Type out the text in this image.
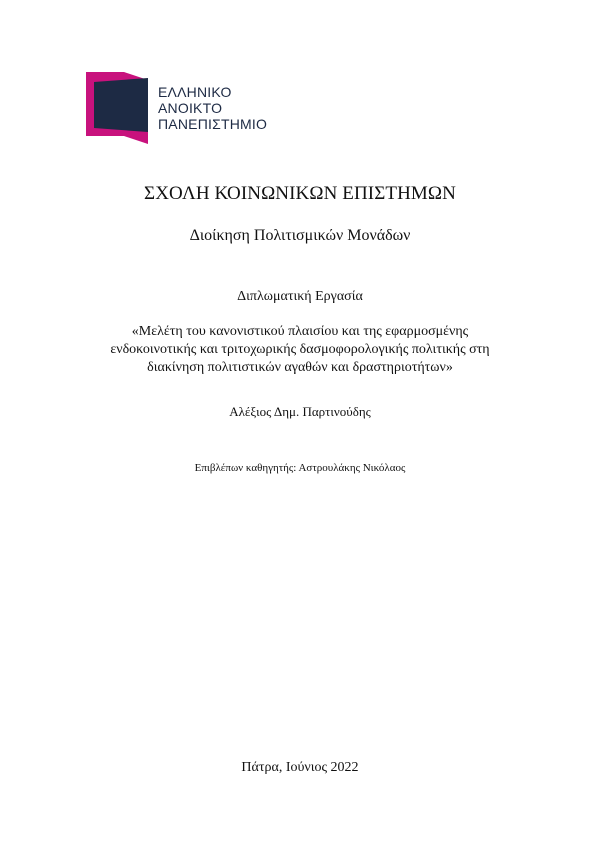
ΕΛΛΗΝΙΚΟ
ΑΝΟΙΚΤΟ
ΠΑΝΕΠΙΣΤΗΜΙΟ
ΣΧΟΛΗ ΚΟΙΝΩΝΙΚΩΝ ΕΠΙΣΤΗΜΩΝ
Διοίκηση Πολιτισμικών Μονάδων
Διπλωματική Εργασία
«Μελέτη του κανονιστικού πλαισίου και της εφαρμοσμένης
ενδοκοινοτικής και τριτοχωρικής δασμοφορολογικής πολιτικής στη
διακίνηση πολιτιστικών αγαθών και δραστηριοτήτων»
Αλέξιος Δημ. Παρτινούδης
Επιβλέπων καθηγητής: Αστρουλάκης Νικόλαος
Πάτρα, Ιούνιος 2022
